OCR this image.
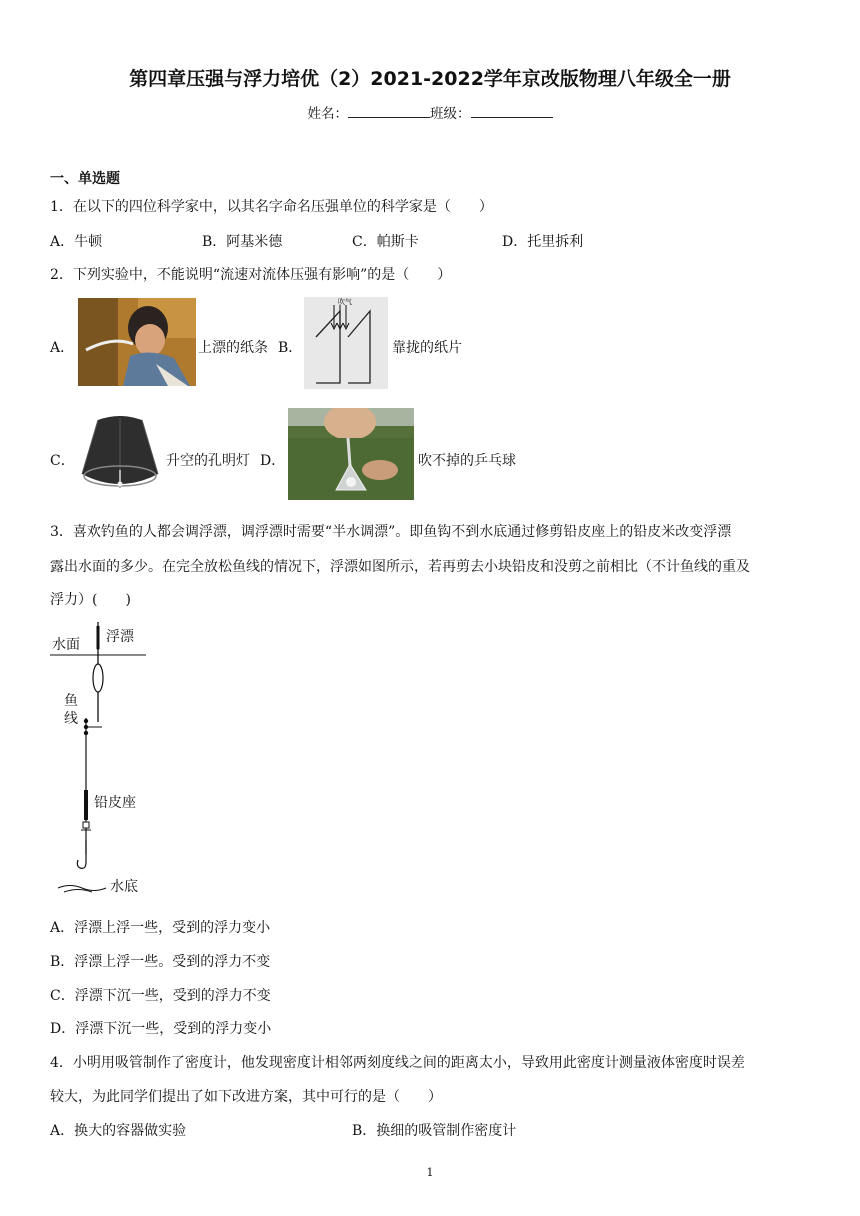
第四章压强与浮力培优（2）2021-2022学年京改版物理八年级全一册
姓名：	班级：
一、单选题
1．在以下的四位科学家中，以其名字命名压强单位的科学家是（　　）
A．牛顿	B．阿基米德	C．帕斯卡	D．托里拆利
2．下列实验中，不能说明“流速对流体压强有影响”的是（　　）
A．	上漂的纸条 B．
吹气
靠拢的纸片
C．	升空的孔明灯 D．	吹不掉的乒乓球
3．喜欢钓鱼的人都会调浮漂，调浮漂时需要“半水调漂”。即鱼钩不到水底通过修剪铅皮座上的铅皮米改变浮漂
露出水面的多少。在完全放松鱼线的情况下，浮漂如图所示，若再剪去小块铅皮和没剪之前相比（不计鱼线的重及
浮力）(　　)
水面 浮漂
鱼
线
铅皮座
水底
A．浮漂上浮一些，受到的浮力变小
B．浮漂上浮一些。受到的浮力不变
C．浮漂下沉一些，受到的浮力不变
D．浮漂下沉一些，受到的浮力变小
4．小明用吸管制作了密度计，他发现密度计相邻两刻度线之间的距离太小，导致用此密度计测量液体密度时误差
较大，为此同学们提出了如下改进方案，其中可行的是（　　）
A．换大的容器做实验	B．换细的吸管制作密度计
1
